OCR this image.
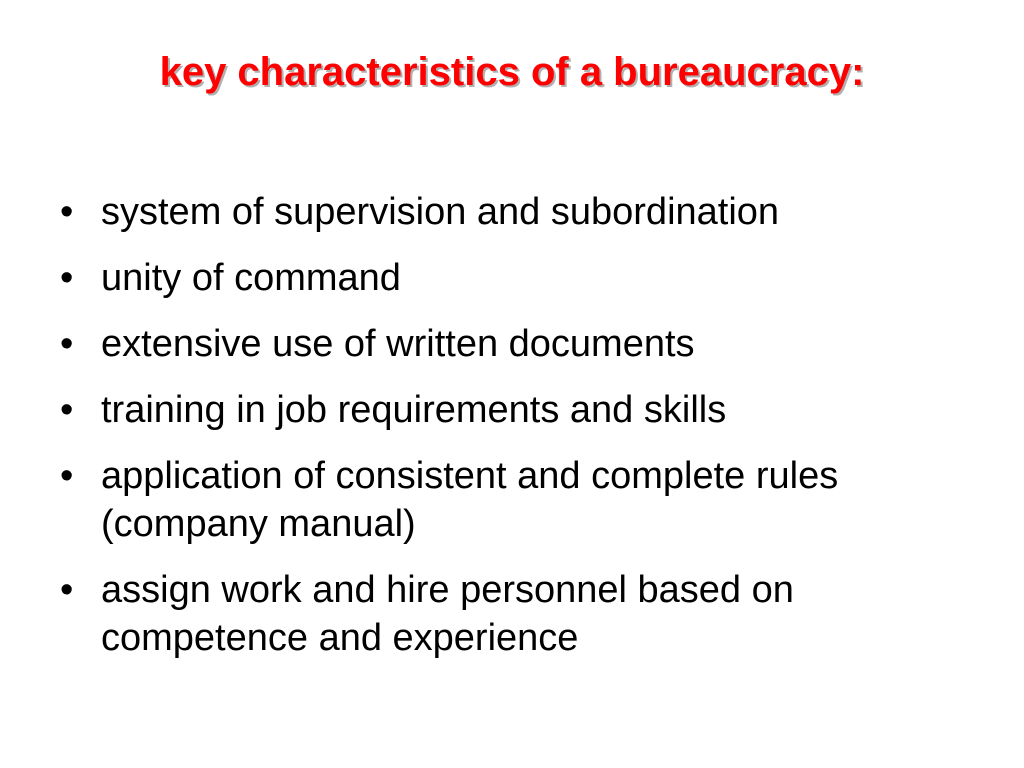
key characteristics of a bureaucracy:
• system of supervision and subordination
• unity of command
• extensive use of written documents
• training in job requirements and skills
• application of consistent and complete rules (company manual)
• assign work and hire personnel based on competence and experience
